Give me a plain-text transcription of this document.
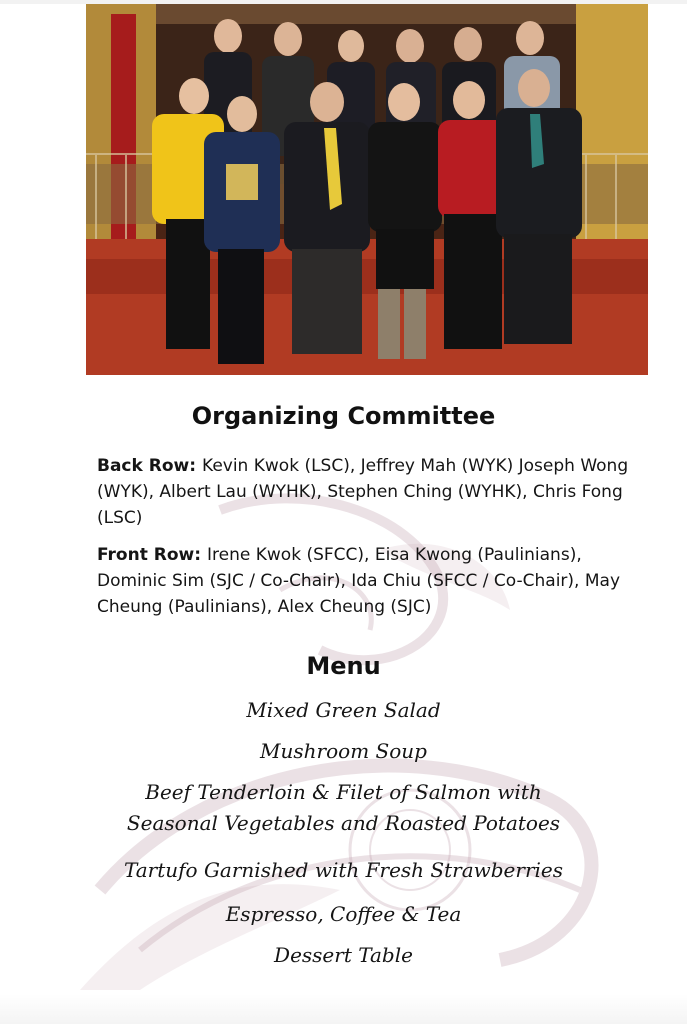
Organizing Committee
Back Row: Kevin Kwok (LSC), Jeffrey Mah (WYK) Joseph Wong (WYK), Albert Lau (WYHK), Stephen Ching (WYHK), Chris Fong (LSC)
Front Row: Irene Kwok (SFCC), Eisa Kwong (Paulinians), Dominic Sim (SJC / Co-Chair), Ida Chiu (SFCC / Co-Chair), May Cheung (Paulinians), Alex Cheung (SJC)
Menu
Mixed Green Salad
Mushroom Soup
Beef Tenderloin & Filet of Salmon with
Seasonal Vegetables and Roasted Potatoes
Tartufo Garnished with Fresh Strawberries
Espresso, Coffee & Tea
Dessert Table
